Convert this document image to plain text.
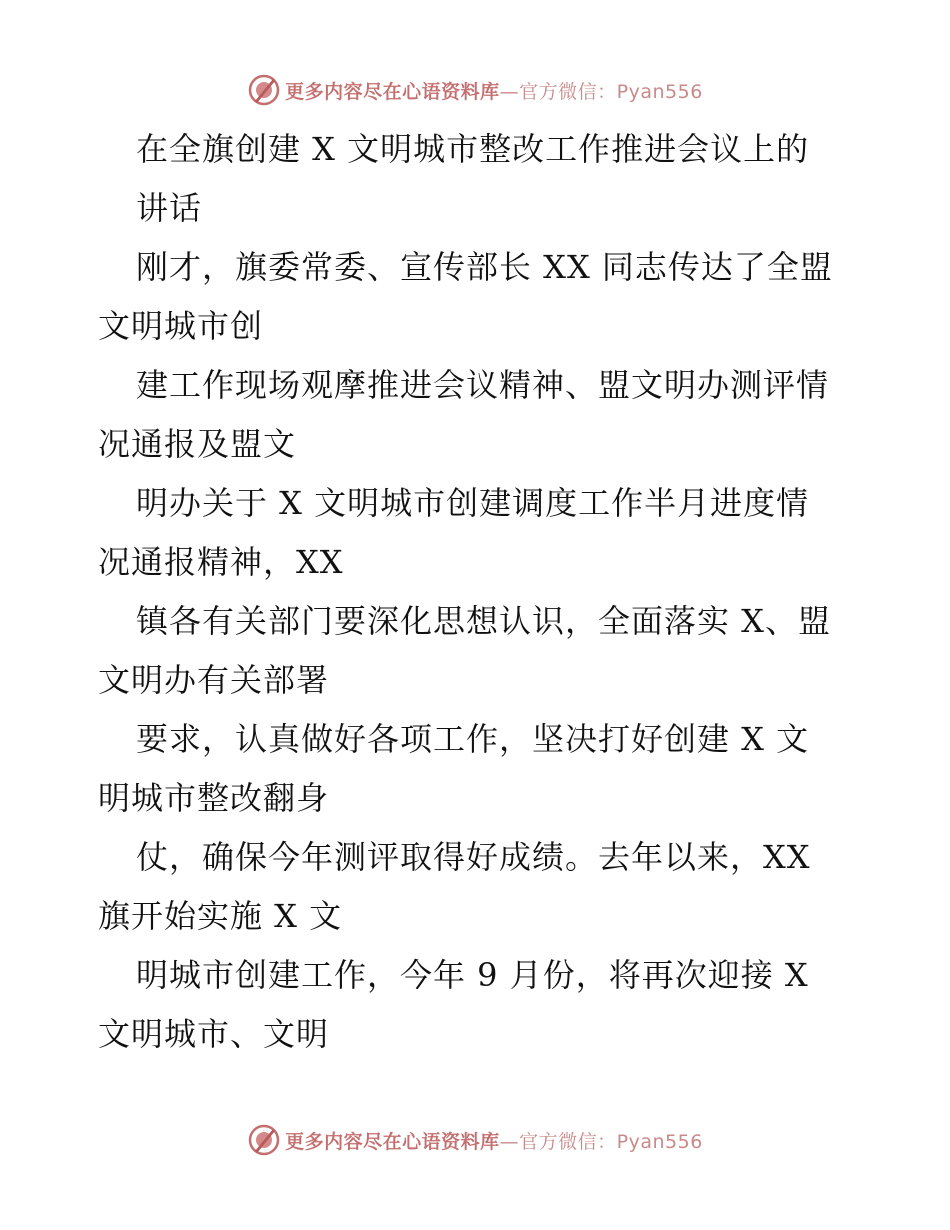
更多内容尽在心语资料库—官方微信：Pyan556
在全旗创建 X 文明城市整改工作推进会议上的
讲话
刚才，旗委常委、宣传部长 XX 同志传达了全盟
文明城市创
建工作现场观摩推进会议精神、盟文明办测评情
况通报及盟文
明办关于 X 文明城市创建调度工作半月进度情
况通报精神，XX
镇各有关部门要深化思想认识，全面落实 X、盟
文明办有关部署
要求，认真做好各项工作，坚决打好创建 X 文
明城市整改翻身
仗，确保今年测评取得好成绩。去年以来，XX
旗开始实施 X 文
明城市创建工作，今年 9 月份，将再次迎接 X
文明城市、文明
更多内容尽在心语资料库—官方微信：Pyan556
